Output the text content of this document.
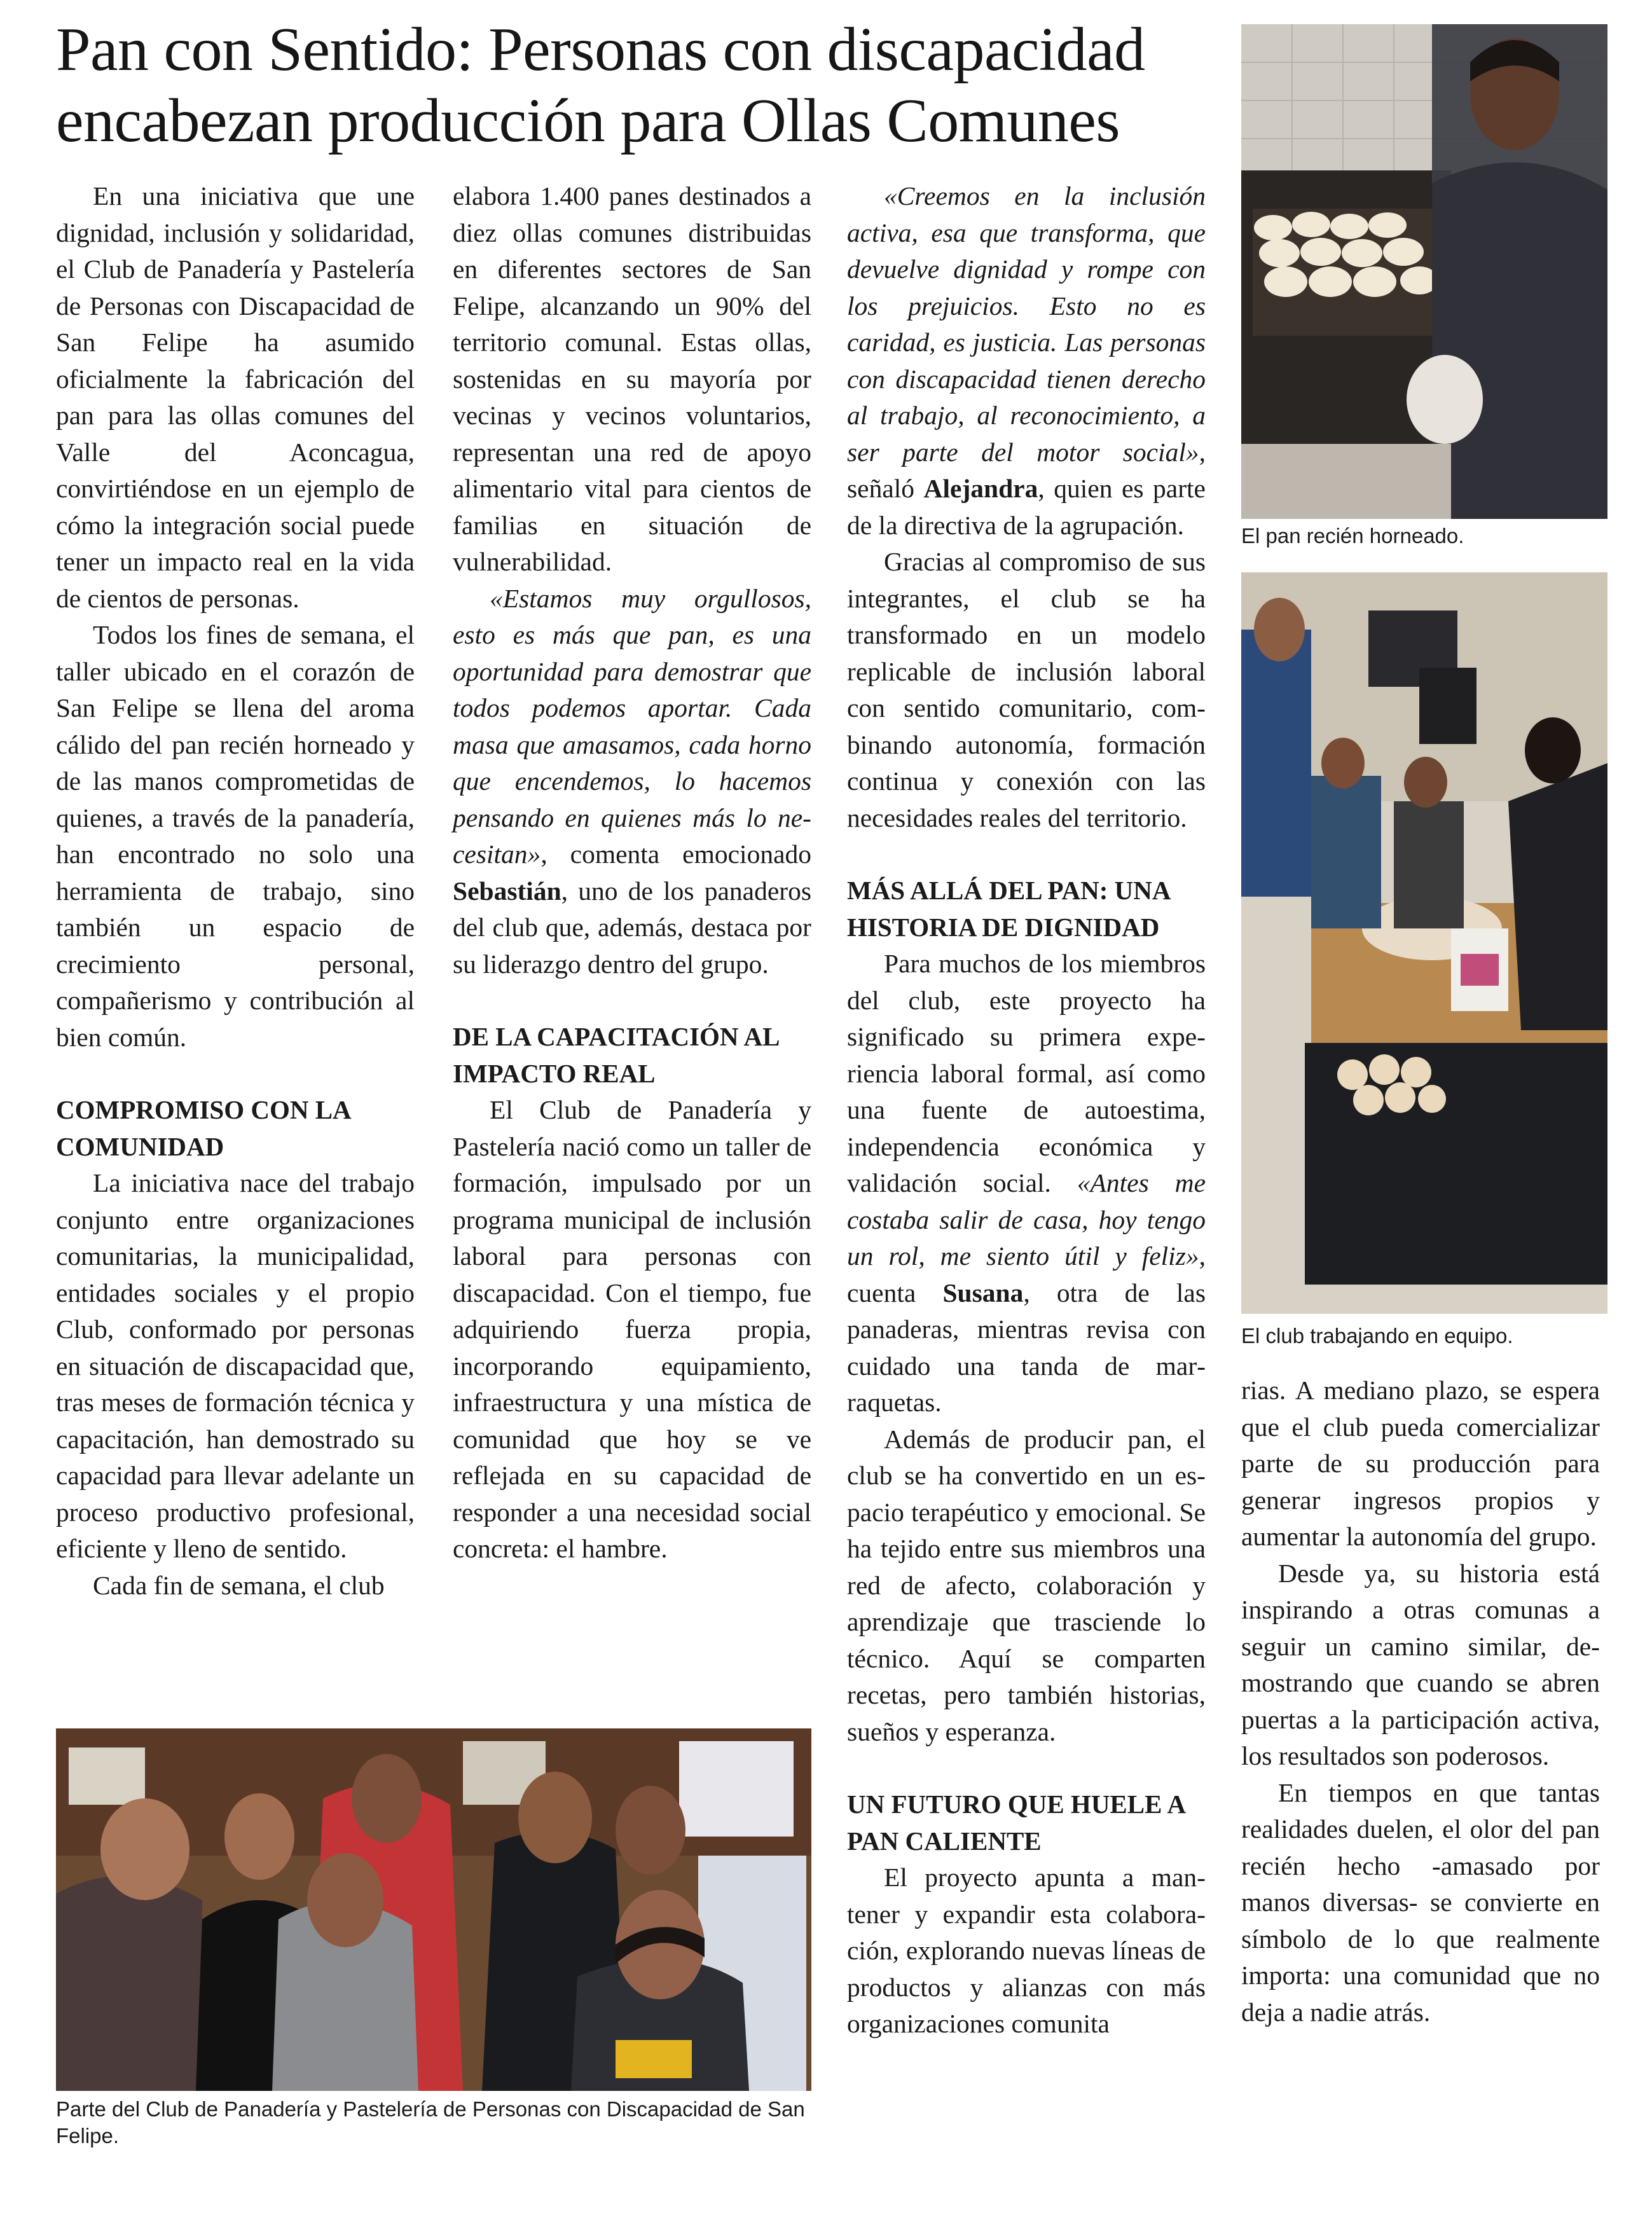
Pan con Sentido: Personas con discapacidad encabezan producción para Ollas Comunes

En una iniciativa que une dignidad, inclusión y solidaridad, el Club de Panadería y Pastelería de Personas con Discapacidad de San Felipe ha asumido oficialmente la fabricación del pan para las ollas comunes del Valle del Aconcagua, convirtiéndose en un ejemplo de cómo la integración social puede tener un impacto real en la vida de cientos de personas.

Todos los fines de semana, el taller ubicado en el corazón de San Felipe se llena del aroma cálido del pan recién horneado y de las manos comprometidas de quienes, a través de la panadería, han encontrado no solo una herramienta de trabajo, sino también un espacio de crecimiento personal, compañerismo y contribución al bien común.

COMPROMISO CON LA COMUNIDAD

La iniciativa nace del trabajo conjunto entre organizaciones comunitarias, la municipalidad, entidades sociales y el propio Club, conformado por personas en situación de discapacidad que, tras meses de formación técnica y capacitación, han demostrado su capacidad para llevar adelante un proceso productivo profesional, eficiente y lleno de sentido.

Cada fin de semana, el club

elabora 1.400 panes destinados a diez ollas comunes distribuidas en diferentes sectores de San Felipe, alcanzando un 90% del territorio comunal. Estas ollas, sostenidas en su mayoría por vecinas y vecinos voluntarios, representan una red de apoyo alimentario vital para cientos de familias en situación de vulnerabilidad.

«Estamos muy orgullosos, esto es más que pan, es una oportunidad para demostrar que todos podemos aportar. Cada masa que amasamos, cada horno que encendemos, lo hacemos pensando en quienes más lo necesitan», comenta emocionado Sebastián, uno de los panaderos del club que, además, destaca por su liderazgo dentro del grupo.

DE LA CAPACITACIÓN AL IMPACTO REAL

El Club de Panadería y Pastelería nació como un taller de formación, impulsado por un programa municipal de inclusión laboral para personas con discapacidad. Con el tiempo, fue adquiriendo fuerza propia, incorporando equipamiento, infraestructura y una mística de comunidad que hoy se ve reflejada en su capacidad de responder a una necesidad social concreta: el hambre.

«Creemos en la inclusión activa, esa que transforma, que devuelve dignidad y rompe con los prejuicios. Esto no es caridad, es justicia. Las personas con discapacidad tienen derecho al trabajo, al reconocimiento, a ser parte del motor social», señaló Alejandra, quien es parte de la directiva de la agrupación.

Gracias al compromiso de sus integrantes, el club se ha transformado en un modelo replicable de inclusión laboral con sentido comunitario, combinando autonomía, formación continua y conexión con las necesidades reales del territorio.

MÁS ALLÁ DEL PAN: UNA HISTORIA DE DIGNIDAD

Para muchos de los miembros del club, este proyecto ha significado su primera experiencia laboral formal, así como una fuente de autoestima, independencia económica y validación social. «Antes me costaba salir de casa, hoy tengo un rol, me siento útil y feliz», cuenta Susana, otra de las panaderas, mientras revisa con cuidado una tanda de marraquetas.

Además de producir pan, el club se ha convertido en un espacio terapéutico y emocional. Se ha tejido entre sus miembros una red de afecto, colaboración y aprendizaje que trasciende lo técnico. Aquí se comparten recetas, pero también historias, sueños y esperanza.

UN FUTURO QUE HUELE A PAN CALIENTE

El proyecto apunta a mantener y expandir esta colaboración, explorando nuevas líneas de productos y alianzas con más organizaciones comunita

rias. A mediano plazo, se espera que el club pueda comercializar parte de su producción para generar ingresos propios y aumentar la autonomía del grupo.

Desde ya, su historia está inspirando a otras comunas a seguir un camino similar, demostrando que cuando se abren puertas a la participación activa, los resultados son poderosos.

En tiempos en que tantas realidades duelen, el olor del pan recién hecho -amasado por manos diversas- se convierte en símbolo de lo que realmente importa: una comunidad que no deja a nadie atrás.

El pan recién horneado.
El club trabajando en equipo.
Parte del Club de Panadería y Pastelería de Personas con Discapacidad de San Felipe.
